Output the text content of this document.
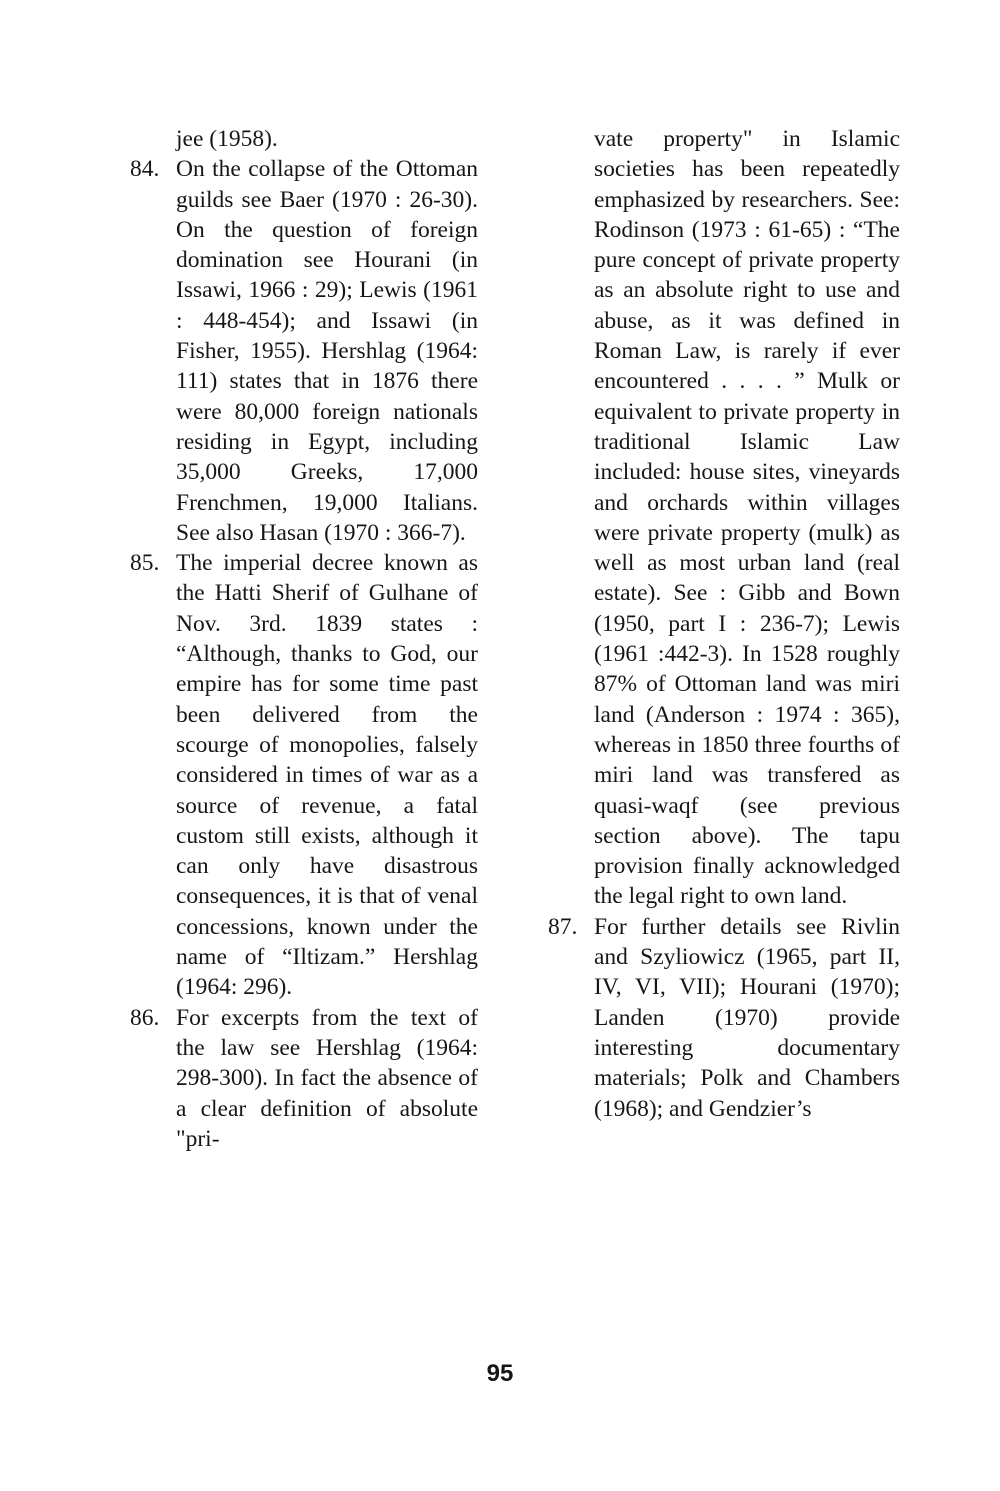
jee (1958).

84. On the collapse of the Ottoman guilds see Baer (1970 : 26-30). On the question of foreign domination see Hourani (in Issawi, 1966 : 29); Lewis (1961 : 448-454); and Issawi (in Fisher, 1955). Hershlag (1964: 111) states that in 1876 there were 80,000 foreign nationals residing in Egypt, including 35,000 Greeks, 17,000 Frenchmen, 19,000 Italians. See also Hasan (1970 : 366-7).
85. The imperial decree known as the Hatti Sherif of Gulhane of Nov. 3rd. 1839 states : “Although, thanks to God, our empire has for some time past been delivered from the scourge of monopolies, falsely considered in times of war as a source of revenue, a fatal custom still exists, although it can only have disastrous consequences, it is that of venal concessions, known under the name of “Iltizam.” Hershlag (1964: 296).
86. For excerpts from the text of the law see Hershlag (1964: 298-300). In fact the absence of a clear definition of absolute "pri-

vate property" in Islamic societies has been repeatedly emphasized by researchers. See: Rodinson (1973 : 61-65) : “The pure concept of private property as an absolute right to use and abuse, as it was defined in Roman Law, is rarely if ever encountered . . . . ” Mulk or equivalent to private property in traditional Islamic Law included: house sites, vineyards and orchards within villages were private property (mulk) as well as most urban land (real estate). See : Gibb and Bown (1950, part I : 236-7); Lewis (1961 :442-3). In 1528 roughly 87% of Ottoman land was miri land (Anderson : 1974 : 365), whereas in 1850 three fourths of miri land was transfered as quasi-waqf (see previous section above). The tapu provision finally acknowledged the legal right to own land.

87. For further details see Rivlin and Szyliowicz (1965, part II, IV, VI, VII); Hourani (1970); Landen (1970) provide interesting documentary materials; Polk and Chambers (1968); and Gendzier’s
95
